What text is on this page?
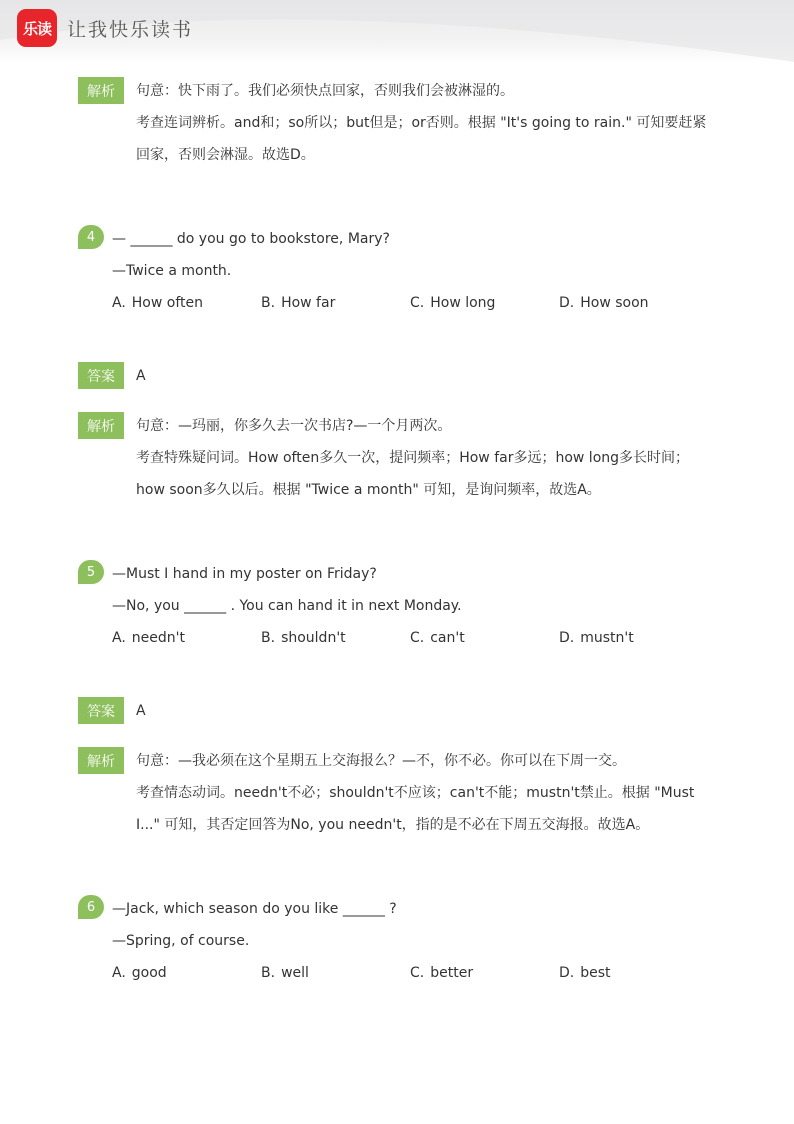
乐读 让我快乐读书
解析	句意：快下雨了。我们必须快点回家，否则我们会被淋湿的。
考查连词辨析。and和；so所以；but但是；or否则。根据 "It's going to rain." 可知要赶紧
回家，否则会淋湿。故选D。
4	— ______ do you go to bookstore, Mary?
—Twice a month.
A. How often	B. How far	C. How long	D. How soon
答案	A
解析	句意：—玛丽，你多久去一次书店?—一个月两次。
考查特殊疑问词。How often多久一次，提问频率；How far多远；how long多长时间；
how soon多久以后。根据 "Twice a month" 可知，是询问频率，故选A。
5	—Must I hand in my poster on Friday?
—No, you ______ . You can hand it in next Monday.
A. needn't	B. shouldn't	C. can't	D. mustn't
答案	A
解析	句意：—我必须在这个星期五上交海报么？—不，你不必。你可以在下周一交。
考查情态动词。needn't不必；shouldn't不应该；can't不能；mustn't禁止。根据 "Must
I..." 可知，其否定回答为No, you needn't，指的是不必在下周五交海报。故选A。
6	—Jack, which season do you like ______ ?
—Spring, of course.
A. good	B. well	C. better	D. best
